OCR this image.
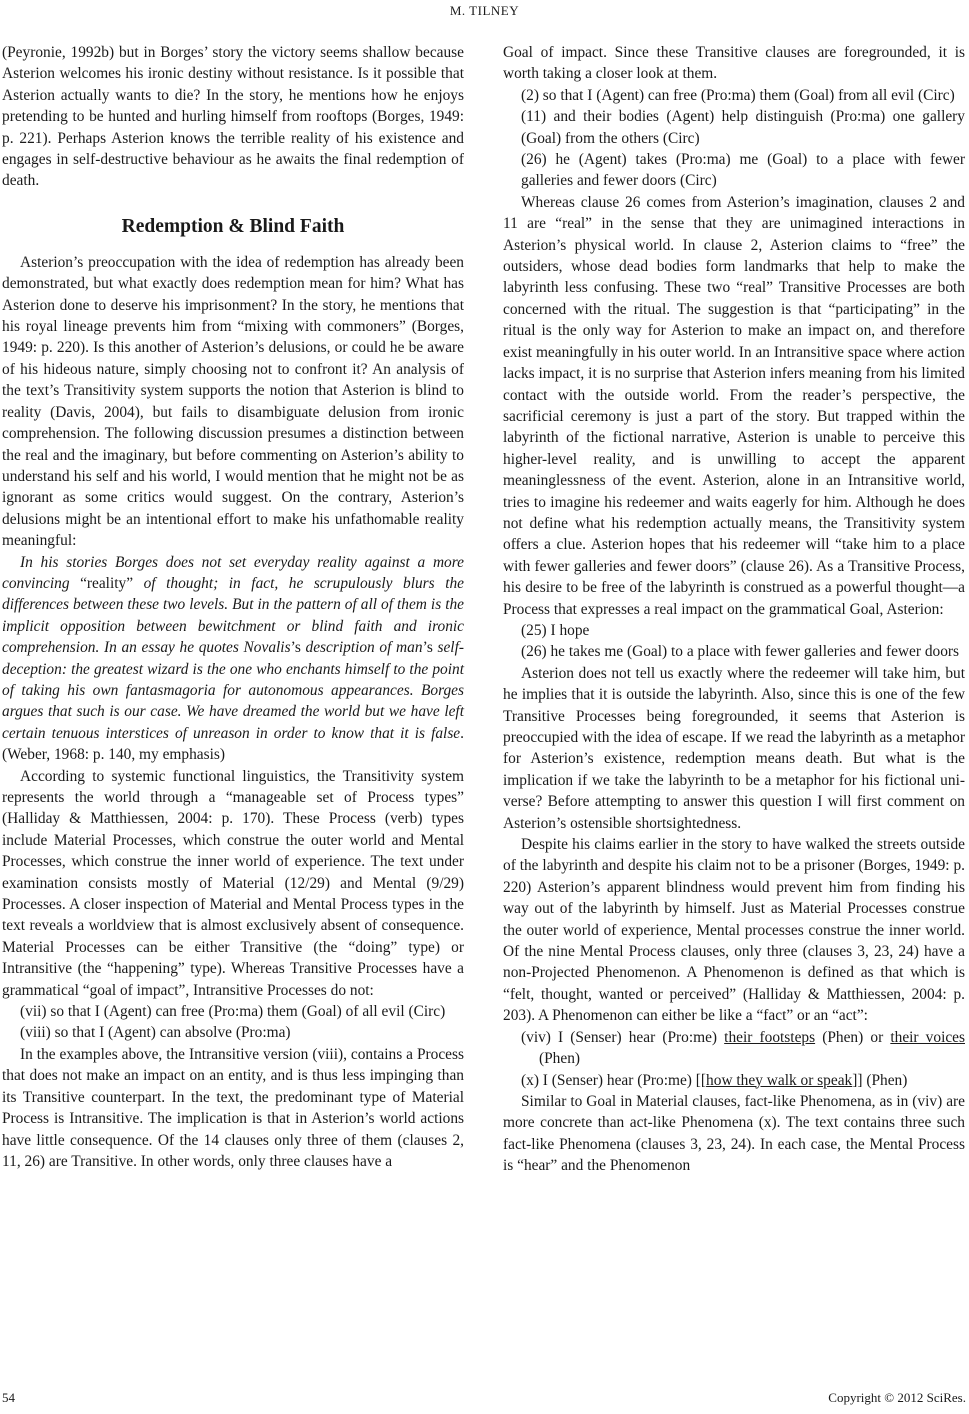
M. TILNEY

(Peyronie, 1992b) but in Borges’ story the victory seems shallow because Asterion welcomes his ironic destiny without resistance. Is it possible that Asterion actually wants to die? In the story, he mentions how he enjoys pretending to be hunted and hurling himself from rooftops (Borges, 1949: p. 221). Perhaps Asterion knows the terrible reality of his existence and engages in self-destructive behaviour as he awaits the final redemption of death.

Redemption & Blind Faith

Asterion’s preoccupation with the idea of redemption has already been demonstrated, but what exactly does redemption mean for him? What has Asterion done to deserve his imprisonment? In the story, he mentions that his royal lineage prevents him from “mixing with commoners” (Borges, 1949: p. 220). Is this another of Asterion’s delusions, or could he be aware of his hideous nature, simply choosing not to confront it? An analysis of the text’s Transitivity system supports the notion that Asterion is blind to reality (Davis, 2004), but fails to disambiguate delusion from ironic comprehension. The following discussion presumes a distinction between the real and the imaginary, but before commenting on Asterion’s ability to understand his self and his world, I would mention that he might not be as ignorant as some critics would suggest. On the contrary, Asterion’s delusions might be an intentional effort to make his unfathomable reality meaningful:

In his stories Borges does not set everyday reality against a more convincing “reality” of thought; in fact, he scrupulously blurs the differences between these two levels. But in the pattern of all of them is the implicit opposition between bewitchment or blind faith and ironic comprehension. In an essay he quotes Novalis’s description of man’s self-deception: the greatest wizard is the one who enchants himself to the point of taking his own fantasmagoria for autonomous appearances. Borges argues that such is our case. We have dreamed the world but we have left certain tenuous interstices of unreason in order to know that it is false. (Weber, 1968: p. 140, my emphasis)

According to systemic functional linguistics, the Transitivity system represents the world through a “manageable set of Process types” (Halliday & Matthiessen, 2004: p. 170). These Process (verb) types include Material Processes, which construe the outer world and Mental Processes, which construe the inner world of experience. The text under examination consists mostly of Material (12/29) and Mental (9/29) Processes. A closer inspection of Material and Mental Process types in the text reveals a worldview that is almost exclusively absent of consequence. Material Processes can be either Transitive (the “doing” type) or Intransitive (the “happening” type). Whereas Transitive Processes have a grammatical “goal of impact”, Intransitive Processes do not:

(vii) so that I (Agent) can free (Pro:ma) them (Goal) of all evil (Circ)

(viii) so that I (Agent) can absolve (Pro:ma)

In the examples above, the Intransitive version (viii), contains a Process that does not make an impact on an entity, and is thus less impinging than its Transitive counterpart. In the text, the predominant type of Material Process is Intransitive. The implication is that in Asterion’s world actions have little consequence. Of the 14 clauses only three of them (clauses 2, 11, 26) are Transitive. In other words, only three clauses have a

Goal of impact. Since these Transitive clauses are foregrounded, it is worth taking a closer look at them.

(2) so that I (Agent) can free (Pro:ma) them (Goal) from all evil (Circ)

(11) and their bodies (Agent) help distinguish (Pro:ma) one gallery (Goal) from the others (Circ)

(26) he (Agent) takes (Pro:ma) me (Goal) to a place with fewer galleries and fewer doors (Circ)

Whereas clause 26 comes from Asterion’s imagination, clauses 2 and 11 are “real” in the sense that they are unimagined interactions in Asterion’s physical world. In clause 2, Asterion claims to “free” the outsiders, whose dead bodies form landmarks that help to make the labyrinth less confusing. These two “real” Transitive Processes are both concerned with the ritual. The suggestion is that “participating” in the ritual is the only way for Asterion to make an impact on, and therefore exist meaningfully in his outer world. In an Intransitive space where action lacks impact, it is no surprise that Asterion infers meaning from his limited contact with the outside world. From the reader’s perspective, the sacrificial ceremony is just a part of the story. But trapped within the labyrinth of the fictional narrative, Asterion is unable to perceive this higher-level reality, and is unwilling to accept the apparent meaninglessness of the event. Asterion, alone in an Intransitive world, tries to imagine his redeemer and waits eagerly for him. Although he does not define what his redemption actually means, the Transitivity system offers a clue. Asterion hopes that his redeemer will “take him to a place with fewer galleries and fewer doors” (clause 26). As a Transitive Process, his desire to be free of the labyrinth is construed as a powerful thought—a Process that expresses a real impact on the grammatical Goal, Asterion:

(25) I hope

(26) he takes me (Goal) to a place with fewer galleries and fewer doors

Asterion does not tell us exactly where the redeemer will take him, but he implies that it is outside the labyrinth. Also, since this is one of the few Transitive Processes being foregrounded, it seems that Asterion is preoccupied with the idea of escape. If we read the labyrinth as a metaphor for Asterion’s existence, redemption means death. But what is the implication if we take the labyrinth to be a metaphor for his fictional universe? Before attempting to answer this question I will first comment on Asterion’s ostensible shortsightedness.

Despite his claims earlier in the story to have walked the streets outside of the labyrinth and despite his claim not to be a prisoner (Borges, 1949: p. 220) Asterion’s apparent blindness would prevent him from finding his way out of the labyrinth by himself. Just as Material Processes construe the outer world of experience, Mental processes construe the inner world. Of the nine Mental Process clauses, only three (clauses 3, 23, 24) have a non-Projected Phenomenon. A Phenomenon is defined as that which is “felt, thought, wanted or perceived” (Halliday & Matthiessen, 2004: p. 203). A Phenomenon can either be like a “fact” or an “act”:

(viv) I (Senser) hear (Pro:me) their footsteps (Phen) or their voices (Phen)

(x) I (Senser) hear (Pro:me) [[how they walk or speak]] (Phen)

Similar to Goal in Material clauses, fact-like Phenomena, as in (viv) are more concrete than act-like Phenomena (x). The text contains three such fact-like Phenomena (clauses 3, 23, 24). In each case, the Mental Process is “hear” and the Phenomenon

54	Copyright © 2012 SciRes.
